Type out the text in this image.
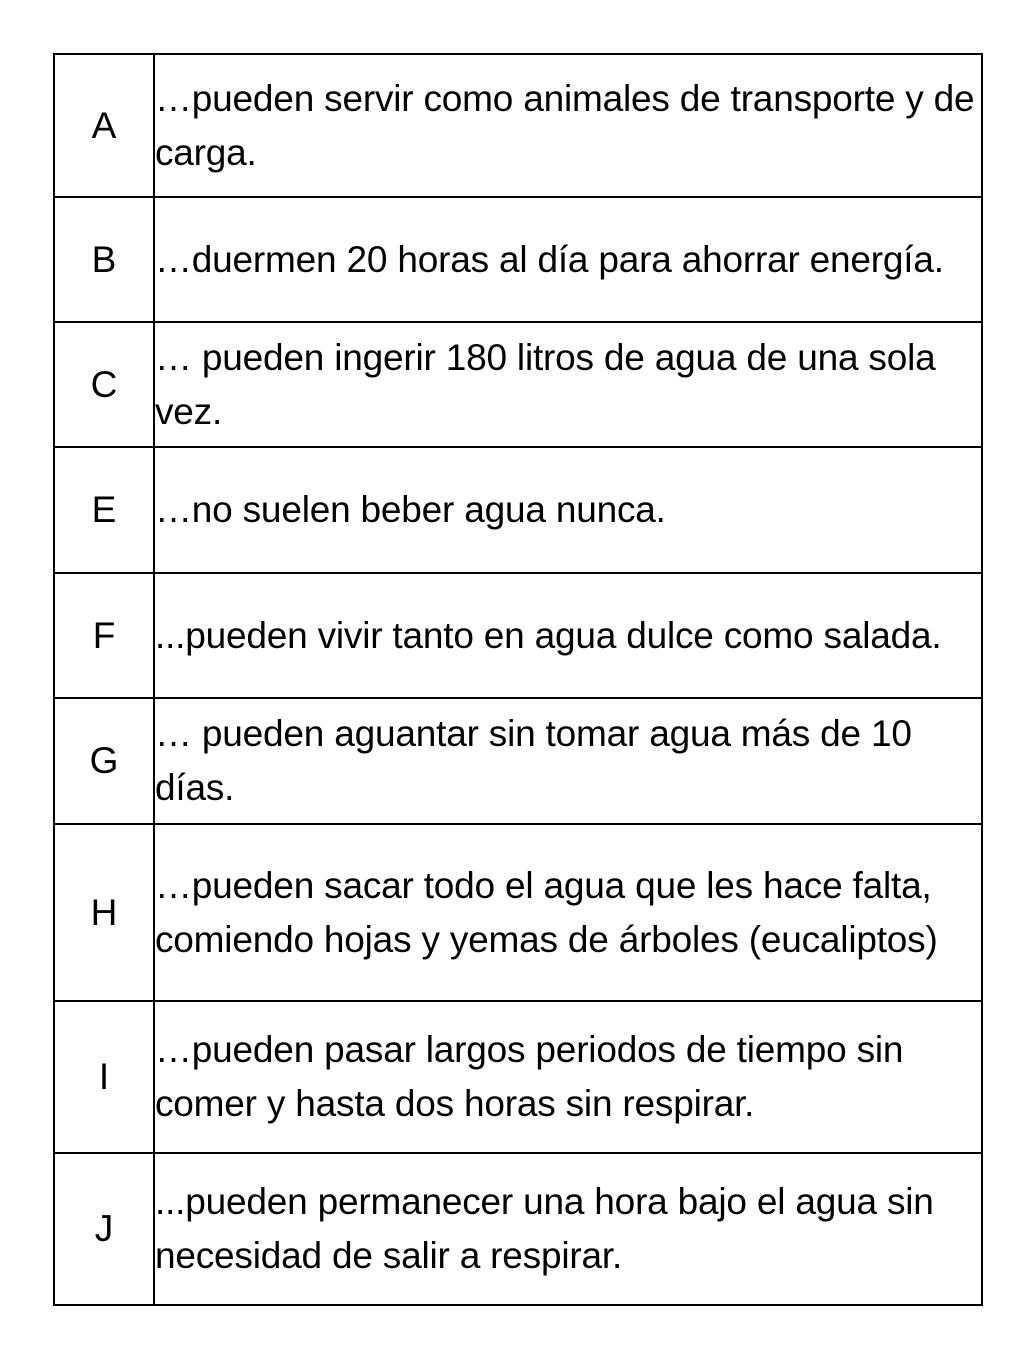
A	…pueden servir como animales de transporte y de carga.
B	…duermen 20 horas al día para ahorrar energía.
C	… pueden ingerir 180 litros de agua de una sola vez.
E	…no suelen beber agua nunca.
F	...pueden vivir tanto en agua dulce como salada.
G	… pueden aguantar sin tomar agua más de 10 días.
H	…pueden sacar todo el agua que les hace falta, comiendo hojas y yemas de árboles (eucaliptos)
I	…pueden pasar largos periodos de tiempo sin comer y hasta dos horas sin respirar.
J	...pueden permanecer una hora bajo el agua sin necesidad de salir a respirar.
